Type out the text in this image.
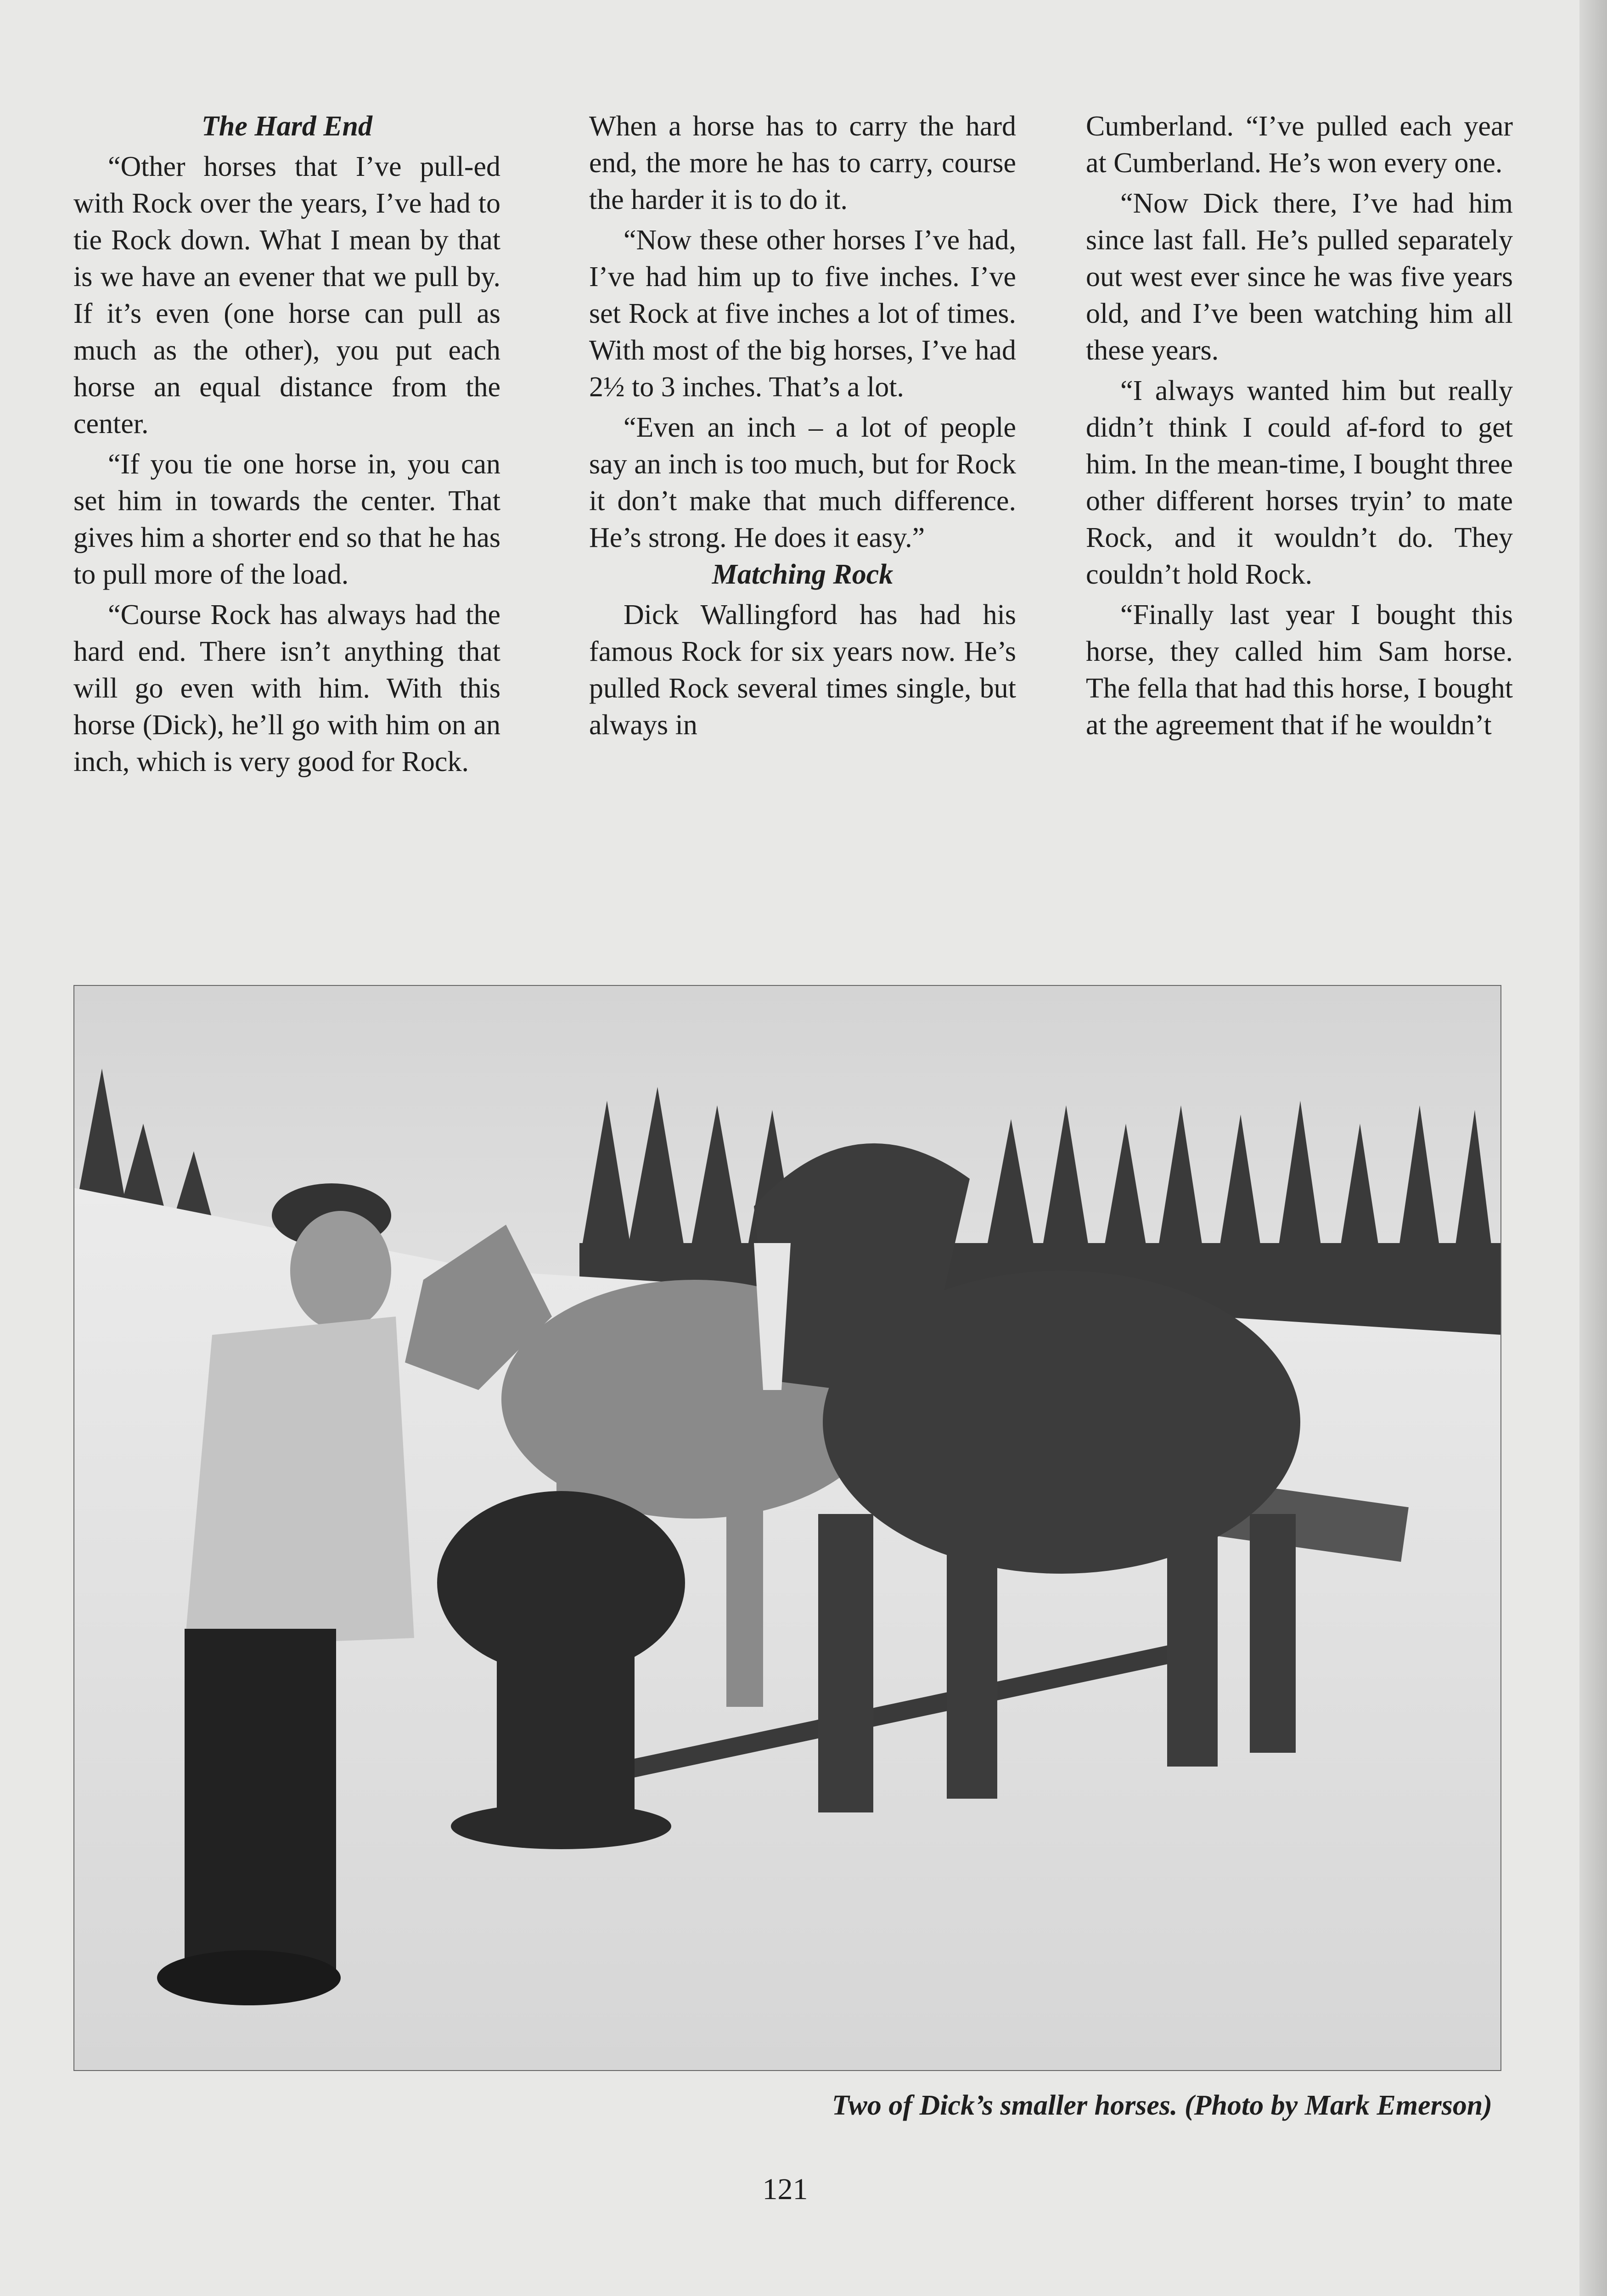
The Hard End

“Other horses that I’ve pull-ed with Rock over the years, I’ve had to tie Rock down. What I mean by that is we have an evener that we pull by. If it’s even (one horse can pull as much as the other), you put each horse an equal distance from the center.

“If you tie one horse in, you can set him in towards the center. That gives him a shorter end so that he has to pull more of the load.

“Course Rock has always had the hard end. There isn’t anything that will go even with him. With this horse (Dick), he’ll go with him on an inch, which is very good for Rock.

When a horse has to carry the hard end, the more he has to carry, course the harder it is to do it.

“Now these other horses I’ve had, I’ve had him up to five inches. I’ve set Rock at five inches a lot of times. With most of the big horses, I’ve had 2½ to 3 inches. That’s a lot.

“Even an inch – a lot of people say an inch is too much, but for Rock it don’t make that much difference. He’s strong. He does it easy.”

Matching Rock

Dick Wallingford has had his famous Rock for six years now. He’s pulled Rock several times single, but always in

Cumberland. “I’ve pulled each year at Cumberland. He’s won every one.

“Now Dick there, I’ve had him since last fall. He’s pulled separately out west ever since he was five years old, and I’ve been watching him all these years.

“I always wanted him but really didn’t think I could af-ford to get him. In the mean-time, I bought three other different horses tryin’ to mate Rock, and it wouldn’t do. They couldn’t hold Rock.

“Finally last year I bought this horse, they called him Sam horse. The fella that had this horse, I bought at the agreement that if he wouldn’t

Two of Dick’s smaller horses. (Photo by Mark Emerson)

121
